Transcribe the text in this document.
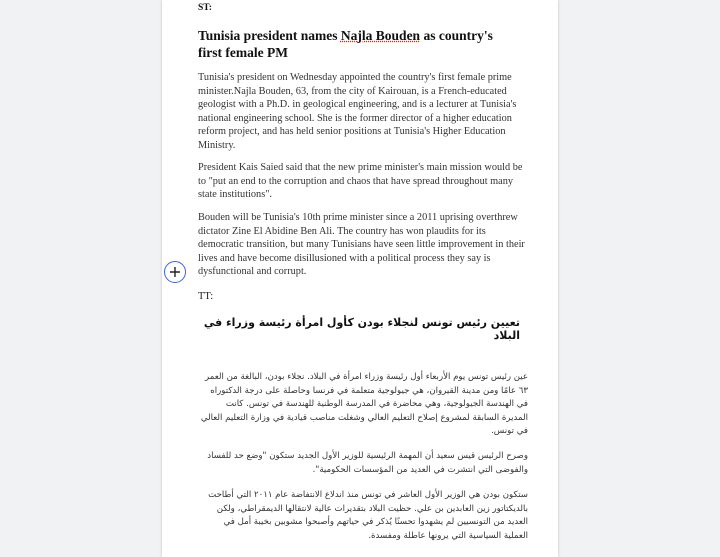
ST:
Tunisia president names Najla Bouden as country's first female PM
Tunisia's president on Wednesday appointed the country's first female prime minister.Najla Bouden, 63, from the city of Kairouan, is a French-educated geologist with a Ph.D. in geological engineering, and is a lecturer at Tunisia's national engineering school. She is the former director of a higher education reform project, and has held senior positions at Tunisia's Higher Education Ministry.
President Kais Saied said that the new prime minister's main mission would be to "put an end to the corruption and chaos that have spread throughout many state institutions".
Bouden will be Tunisia's 10th prime minister since a 2011 uprising overthrew dictator Zine El Abidine Ben Ali. The country has won plaudits for its democratic transition, but many Tunisians have seen little improvement in their lives and have become disillusioned with a political process they say is dysfunctional and corrupt.
TT:
تعيين رئيس تونس لنجلاء بودن كأول امرأة رئيسة وزراء في البلاد
عين رئيس تونس يوم الأربعاء أول رئيسة وزراء امرأة في البلاد. نجلاء بودن، البالغة من العمر ٦٣ عامًا ومن مدينة القيروان، هي جيولوجية متعلمة في فرنسا وحاصلة على درجة الدكتوراه في الهندسة الجيولوجية، وهي محاضرة في المدرسة الوطنية للهندسة في تونس. كانت المديرة السابقة لمشروع إصلاح التعليم العالي وشغلت مناصب قيادية في وزارة التعليم العالي في تونس.
وصرح الرئيس قيس سعيد أن المهمة الرئيسية للوزير الأول الجديد ستكون "وضع حد للفساد والفوضى التي انتشرت في العديد من المؤسسات الحكومية".
ستكون بودن هي الوزير الأول العاشر في تونس منذ اندلاع الانتفاضة عام ٢٠١١ التي أطاحت بالديكتاتور زين العابدين بن علي. حظيت البلاد بتقديرات عالية لانتقالها الديمقراطي، ولكن العديد من التونسيين لم يشهدوا تحسنًا يُذكر في حياتهم وأصبحوا مشوبين بخيبة أمل في العملية السياسية التي يرونها عاطلة ومفسدة.
